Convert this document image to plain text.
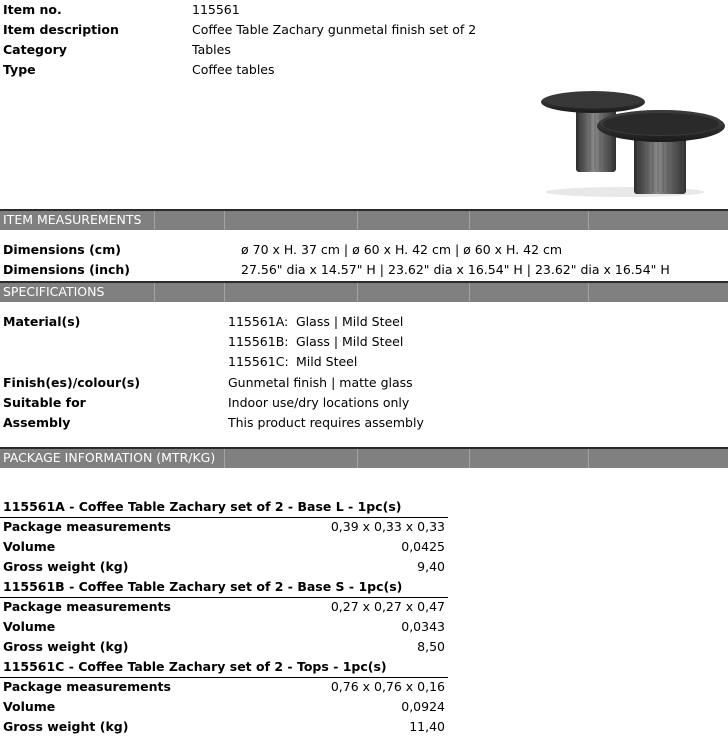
Item no.	115561
Item description	Coffee Table Zachary gunmetal finish set of 2
Category	Tables
Type	Coffee tables
ITEM MEASUREMENTS
Dimensions (cm)	ø 70 x H. 37 cm | ø 60 x H. 42 cm | ø 60 x H. 42 cm
Dimensions (inch)	27.56" dia x 14.57" H | 23.62" dia x 16.54" H | 23.62" dia x 16.54" H
SPECIFICATIONS
Material(s)	115561A: Glass | Mild Steel
115561B: Glass | Mild Steel
115561C: Mild Steel
Finish(es)/colour(s)	Gunmetal finish | matte glass
Suitable for	Indoor use/dry locations only
Assembly	This product requires assembly
PACKAGE INFORMATION (MTR/KG)
115561A - Coffee Table Zachary set of 2 - Base L - 1pc(s)
Package measurements	0,39 x 0,33 x 0,33
Volume	0,0425
Gross weight (kg)	9,40
115561B - Coffee Table Zachary set of 2 - Base S - 1pc(s)
Package measurements	0,27 x 0,27 x 0,47
Volume	0,0343
Gross weight (kg)	8,50
115561C - Coffee Table Zachary set of 2 - Tops - 1pc(s)
Package measurements	0,76 x 0,76 x 0,16
Volume	0,0924
Gross weight (kg)	11,40
